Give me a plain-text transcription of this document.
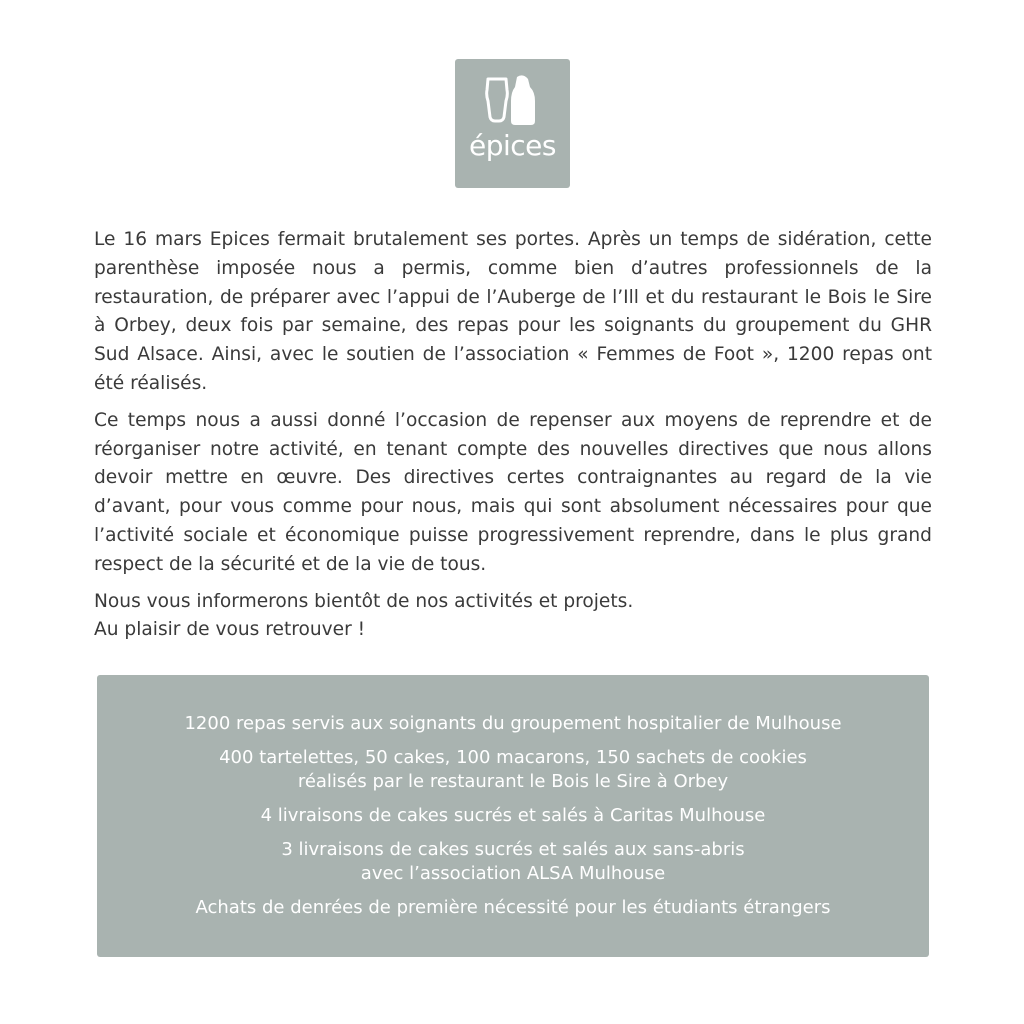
épices

Le 16 mars Epices fermait brutalement ses portes. Après un temps de sidération, cette parenthèse imposée nous a permis, comme bien d’autres professionnels de la restauration, de préparer avec l’appui de l’Auberge de l’Ill et du restaurant le Bois le Sire à Orbey, deux fois par semaine, des repas pour les soignants du groupement du GHR Sud Alsace. Ainsi, avec le soutien de l’association « Femmes de Foot », 1200 repas ont été réalisés.

Ce temps nous a aussi donné l’occasion de repenser aux moyens de reprendre et de réorganiser notre activité, en tenant compte des nouvelles directives que nous allons devoir mettre en œuvre. Des directives certes contraignantes au regard de la vie d’avant, pour vous comme pour nous, mais qui sont absolument nécessaires pour que l’activité sociale et économique puisse progressivement reprendre, dans le plus grand respect de la sécurité et de la vie de tous.

Nous vous informerons bientôt de nos activités et projets.
Au plaisir de vous retrouver !

1200 repas servis aux soignants du groupement hospitalier de Mulhouse
400 tartelettes, 50 cakes, 100 macarons, 150 sachets de cookies
réalisés par le restaurant le Bois le Sire à Orbey
4 livraisons de cakes sucrés et salés à Caritas Mulhouse
3 livraisons de cakes sucrés et salés aux sans-abris
avec l’association ALSA Mulhouse
Achats de denrées de première nécessité pour les étudiants étrangers
